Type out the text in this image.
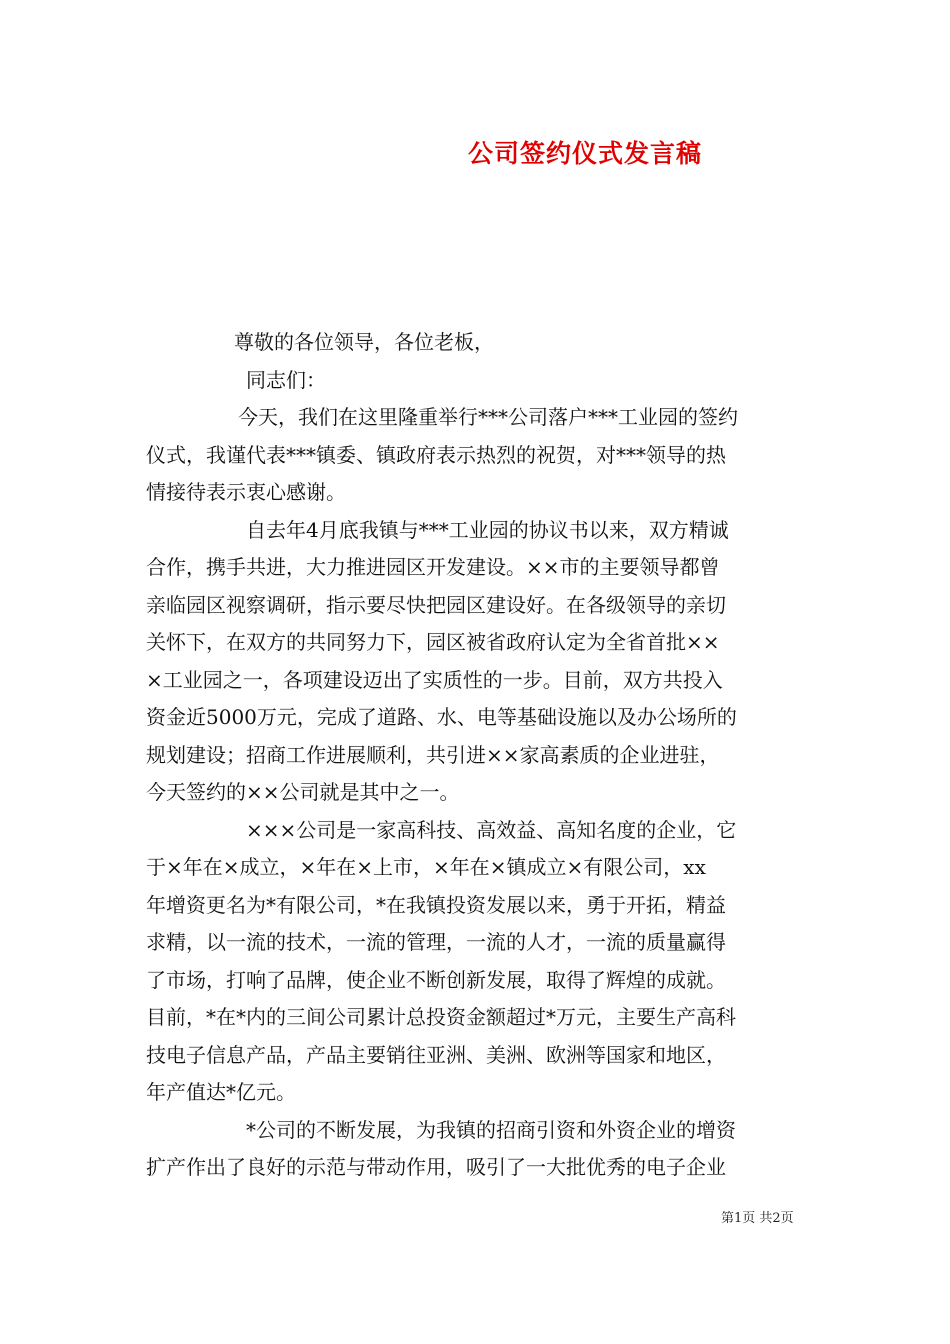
公司签约仪式发言稿
尊敬的各位领导，各位老板，
同志们：
今天，我们在这里隆重举行***公司落户***工业园的签约
仪式，我谨代表***镇委、镇政府表示热烈的祝贺，对***领导的热
情接待表示衷心感谢。
自去年4月底我镇与***工业园的协议书以来，双方精诚
合作，携手共进，大力推进园区开发建设。××市的主要领导都曾
亲临园区视察调研，指示要尽快把园区建设好。在各级领导的亲切
关怀下，在双方的共同努力下，园区被省政府认定为全省首批××
×工业园之一，各项建设迈出了实质性的一步。目前，双方共投入
资金近5000万元，完成了道路、水、电等基础设施以及办公场所的
规划建设；招商工作进展顺利，共引进××家高素质的企业进驻，
今天签约的××公司就是其中之一。
×××公司是一家高科技、高效益、高知名度的企业，它
于×年在×成立，×年在×上市，×年在×镇成立×有限公司，xx
年增资更名为*有限公司，*在我镇投资发展以来，勇于开拓，精益
求精，以一流的技术，一流的管理，一流的人才，一流的质量赢得
了市场，打响了品牌，使企业不断创新发展，取得了辉煌的成就。
目前，*在*内的三间公司累计总投资金额超过*万元，主要生产高科
技电子信息产品，产品主要销往亚洲、美洲、欧洲等国家和地区，
年产值达*亿元。
*公司的不断发展，为我镇的招商引资和外资企业的增资
扩产作出了良好的示范与带动作用，吸引了一大批优秀的电子企业
第1页 共2页
